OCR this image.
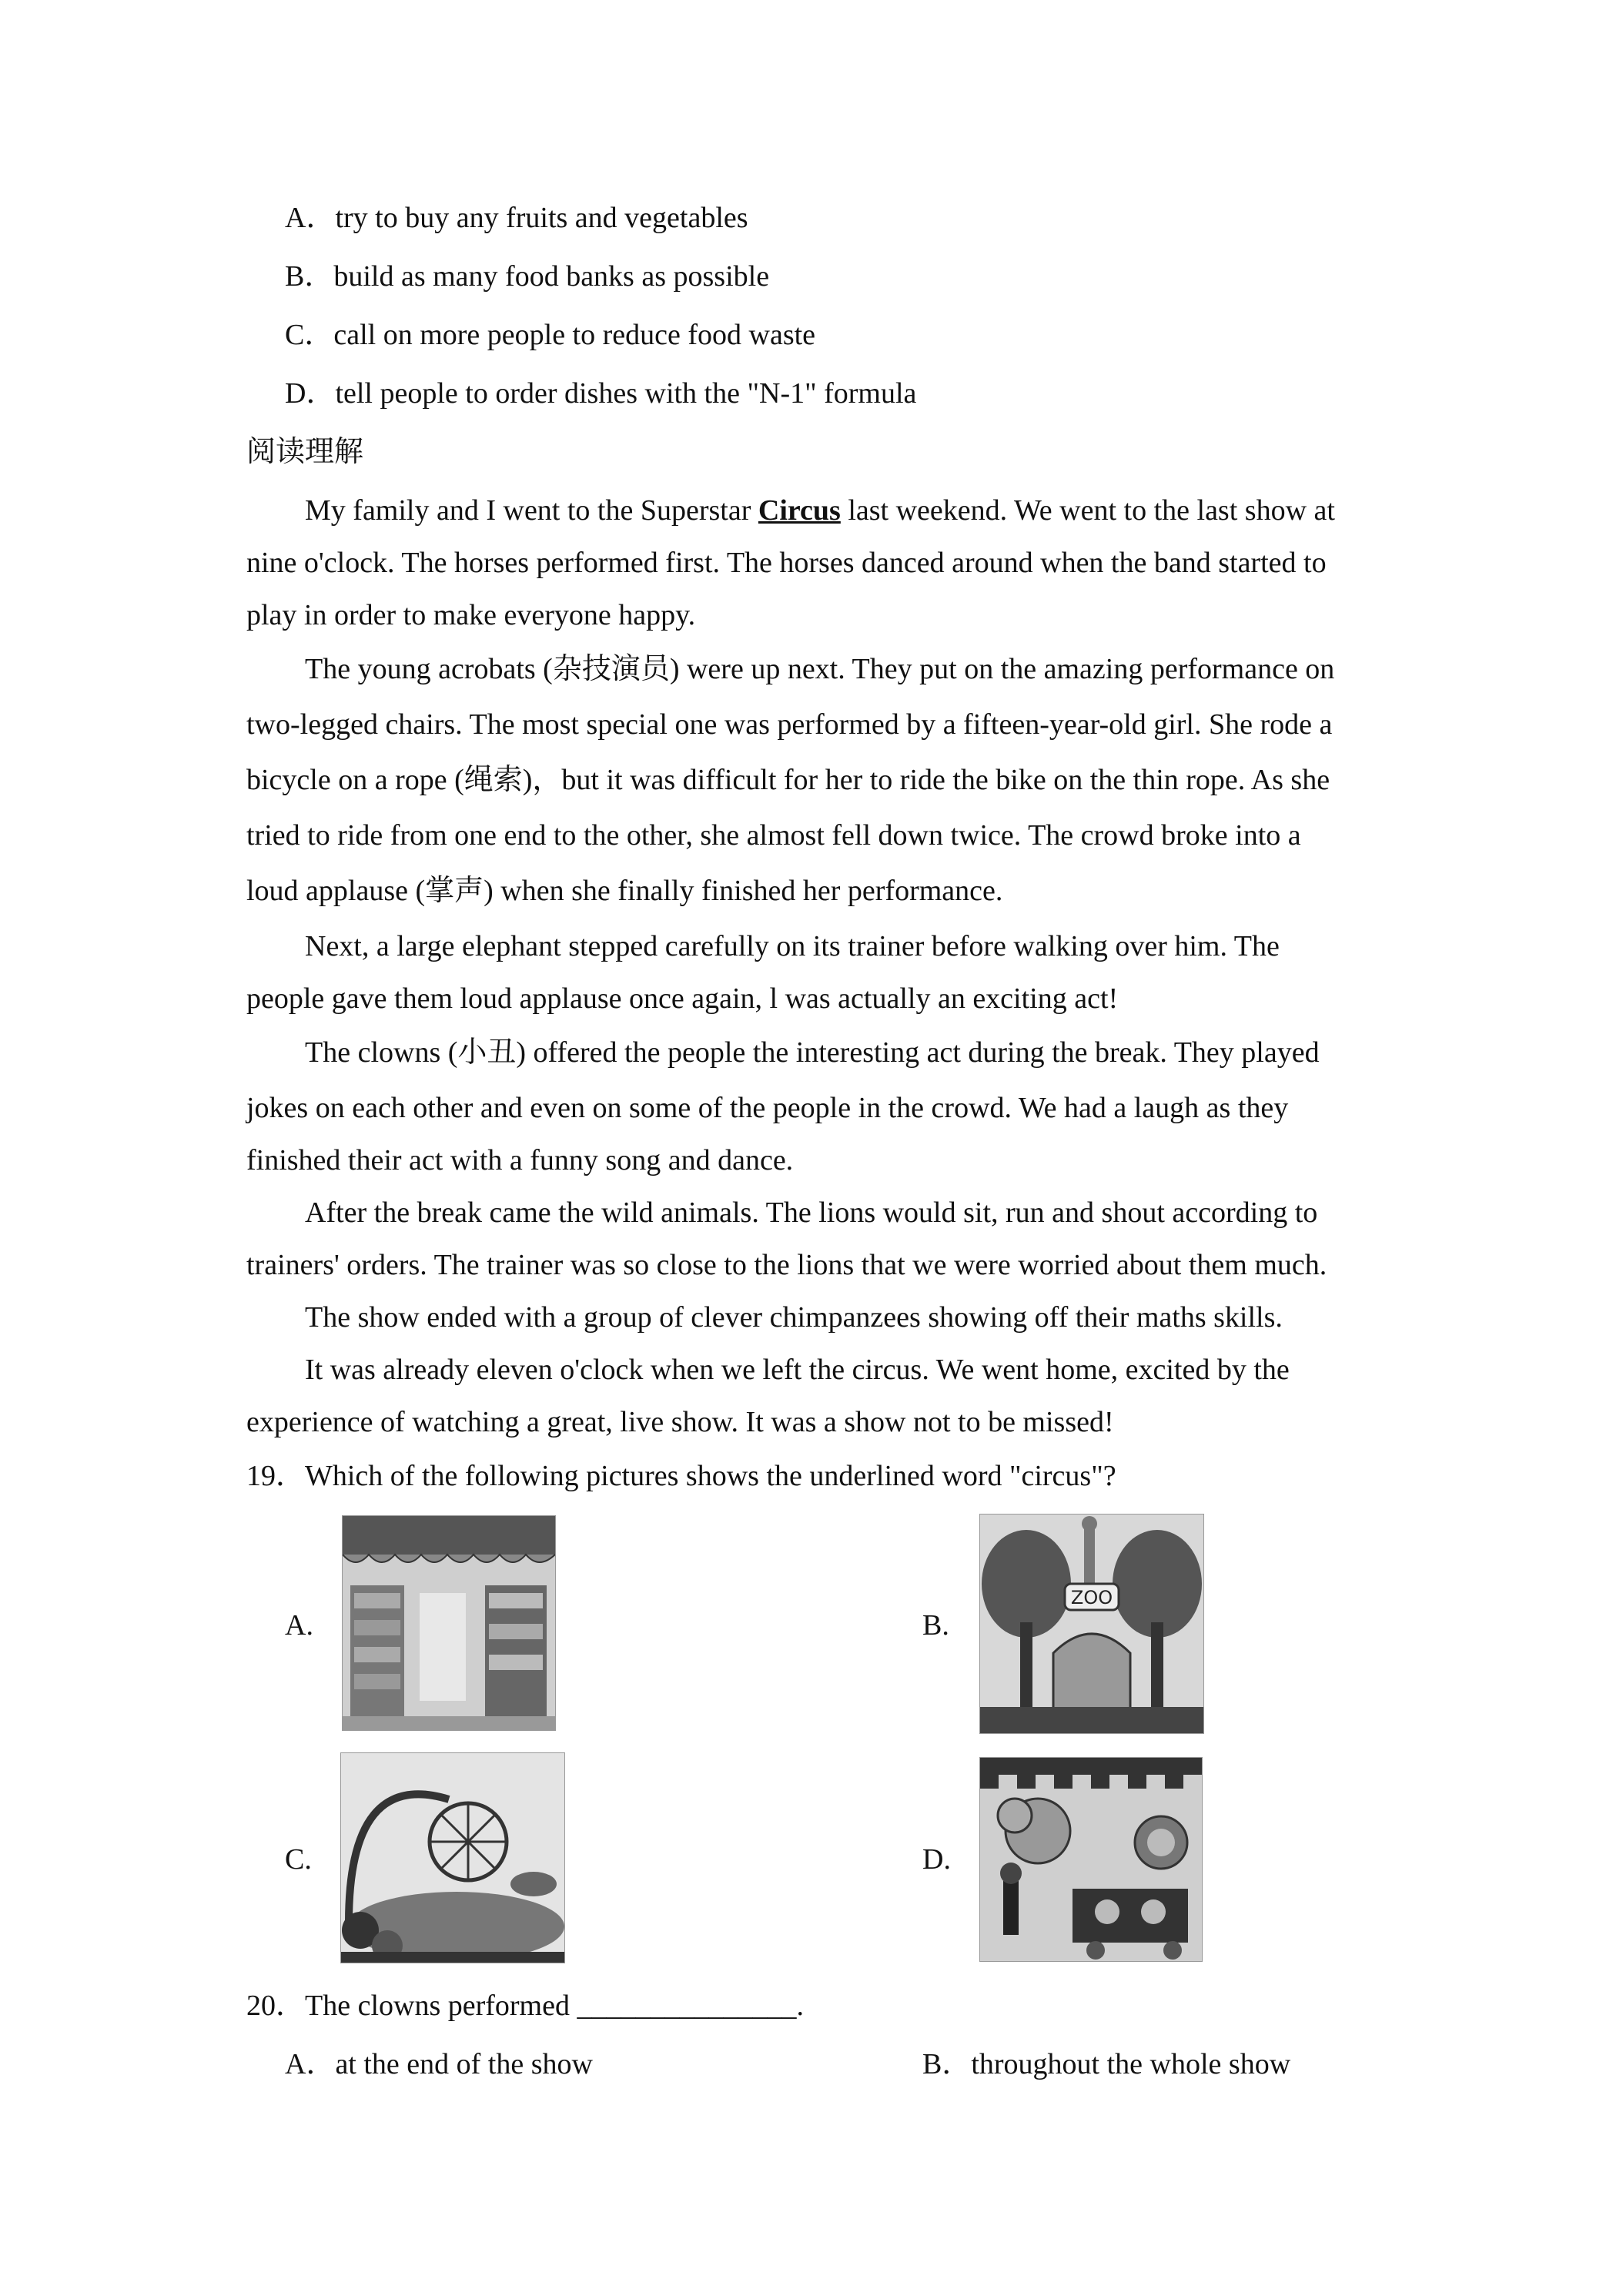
A．try to buy any fruits and vegetables
B．build as many food banks as possible
C．call on more people to reduce food waste
D．tell people to order dishes with the "N-1" formula
阅读理解
My family and I went to the Superstar Circus last weekend. We went to the last show at
nine o'clock. The horses performed first. The horses danced around when the band started to
play in order to make everyone happy.
The young acrobats (杂技演员) were up next. They put on the amazing performance on
two-legged chairs. The most special one was performed by a fifteen-year-old girl. She rode a
bicycle on a rope (绳索)，but it was difficult for her to ride the bike on the thin rope. As she
tried to ride from one end to the other, she almost fell down twice. The crowd broke into a
loud applause (掌声) when she finally finished her performance.
Next, a large elephant stepped carefully on its trainer before walking over him. The
people gave them loud applause once again, l was actually an exciting act!
The clowns (小丑) offered the people the interesting act during the break. They played
jokes on each other and even on some of the people in the crowd. We had a laugh as they
finished their act with a funny song and dance.
After the break came the wild animals. The lions would sit, run and shout according to
trainers' orders. The trainer was so close to the lions that we were worried about them much.
The show ended with a group of clever chimpanzees showing off their maths skills.
It was already eleven o'clock when we left the circus. We went home, excited by the
experience of watching a great, live show. It was a show not to be missed!
19．Which of the following pictures shows the underlined word "circus"?
A.	B.
ZOO
C.	D.
20．The clowns performed _______________.
A．at the end of the show	B．throughout the whole show
